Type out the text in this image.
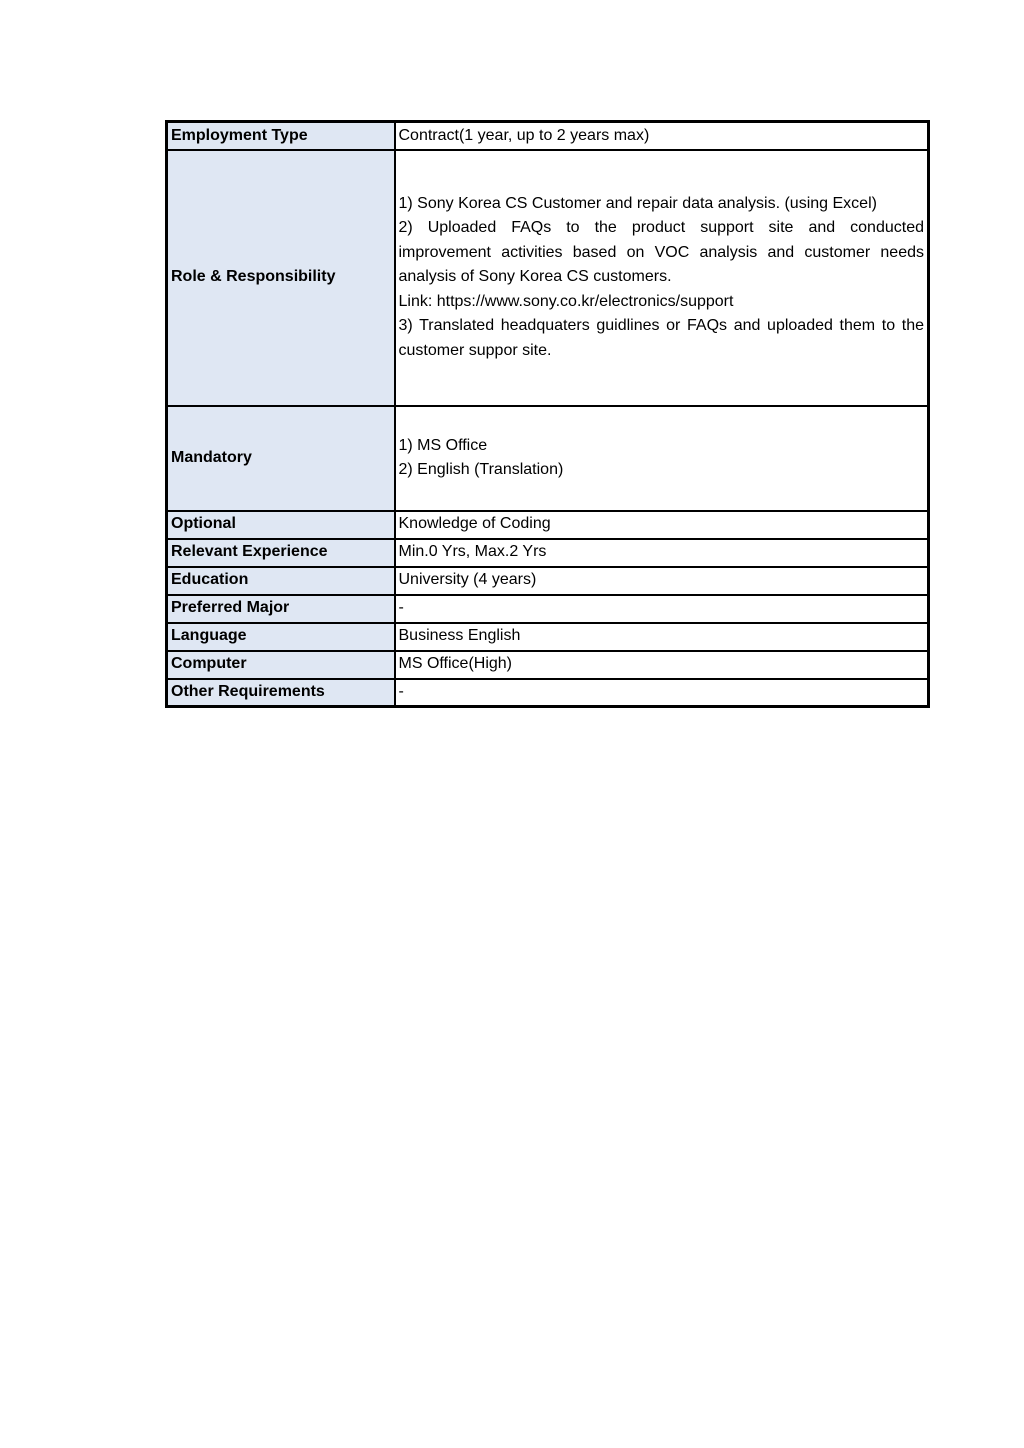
Employment Type	Contract(1 year, up to 2 years max)
Role & Responsibility	1) Sony Korea CS Customer and repair data analysis. (using Excel)
2) Uploaded FAQs to the product support site and conducted improvement activities based on VOC analysis and customer needs analysis of Sony Korea CS customers.
Link: https://www.sony.co.kr/electronics/support
3) Translated headquaters guidlines or FAQs and uploaded them to the customer suppor site.

Mandatory	1) MS Office
2) English (Translation)

Optional	Knowledge of Coding
Relevant Experience	Min.0 Yrs, Max.2 Yrs
Education	University (4 years)
Preferred Major	-
Language	Business English
Computer	MS Office(High)
Other Requirements	-
